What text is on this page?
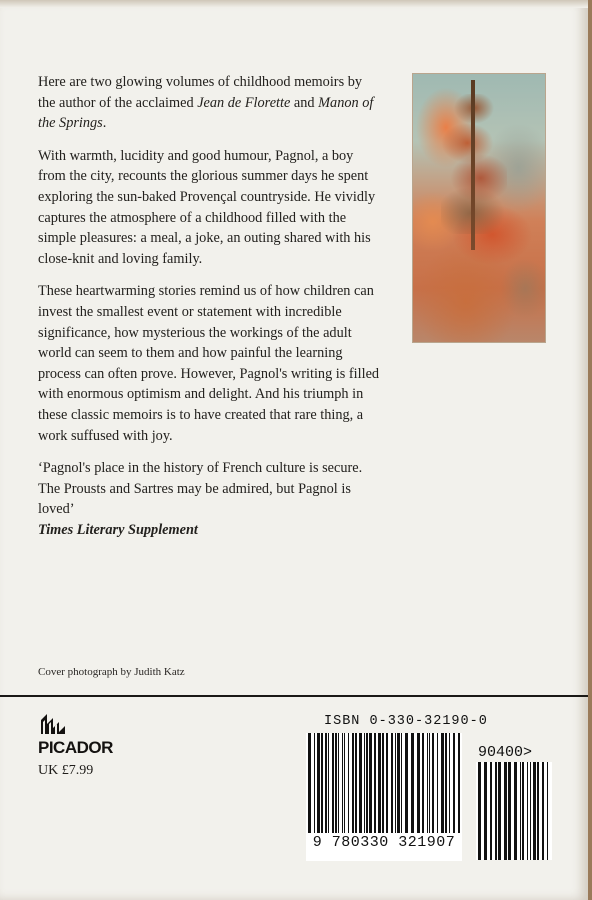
Here are two glowing volumes of childhood memoirs by the author of the acclaimed Jean de Florette and Manon of the Springs.

With warmth, lucidity and good humour, Pagnol, a boy from the city, recounts the glorious summer days he spent exploring the sun-baked Provençal countryside. He vividly captures the atmosphere of a childhood filled with the simple pleasures: a meal, a joke, an outing shared with his close-knit and loving family.

These heartwarming stories remind us of how children can invest the smallest event or statement with incredible significance, how mysterious the workings of the adult world can seem to them and how painful the learning process can often prove. However, Pagnol's writing is filled with enormous optimism and delight. And his triumph in these classic memoirs is to have created that rare thing, a work suffused with joy.

‘Pagnol's place in the history of French culture is secure. The Prousts and Sartres may be admired, but Pagnol is loved’
Times Literary Supplement

Cover photograph by Judith Katz
PICADOR
UK £7.99
ISBN 0-330-32190-0
9 780330 321907
90400>
